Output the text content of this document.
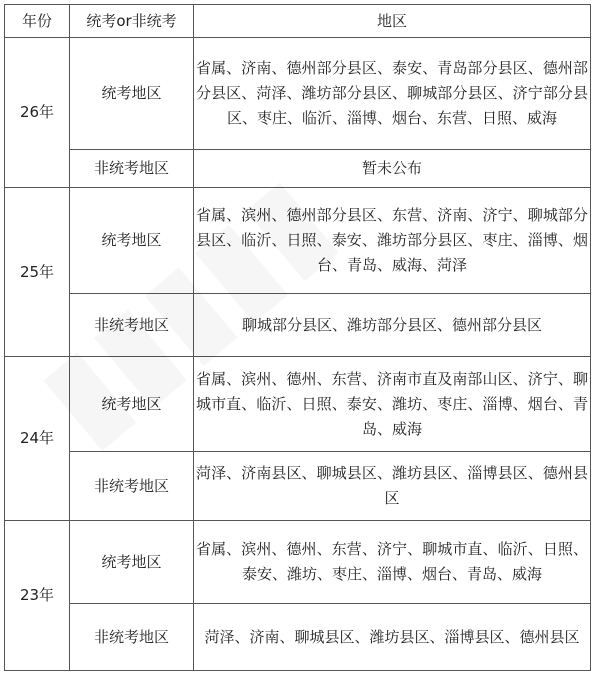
年份	统考or非统考	地区
26年	统考地区	省属、济南、德州部分县区、泰安、青岛部分县区、德州部分县区、菏泽、潍坊部分县区、聊城部分县区、济宁部分县区、枣庄、临沂、淄博、烟台、东营、日照、威海
	非统考地区	暂未公布
25年	统考地区	省属、滨州、德州部分县区、东营、济南、济宁、聊城部分县区、临沂、日照、泰安、潍坊部分县区、枣庄、淄博、烟台、青岛、威海、菏泽
	非统考地区	聊城部分县区、潍坊部分县区、德州部分县区
24年	统考地区	省属、滨州、德州、东营、济南市直及南部山区、济宁、聊城市直、临沂、日照、泰安、潍坊、枣庄、淄博、烟台、青岛、威海
	非统考地区	菏泽、济南县区、聊城县区、潍坊县区、淄博县区、德州县区
23年	统考地区	省属、滨州、德州、东营、济宁、聊城市直、临沂、日照、泰安、潍坊、枣庄、淄博、烟台、青岛、威海
	非统考地区	菏泽、济南、聊城县区、潍坊县区、淄博县区、德州县区
